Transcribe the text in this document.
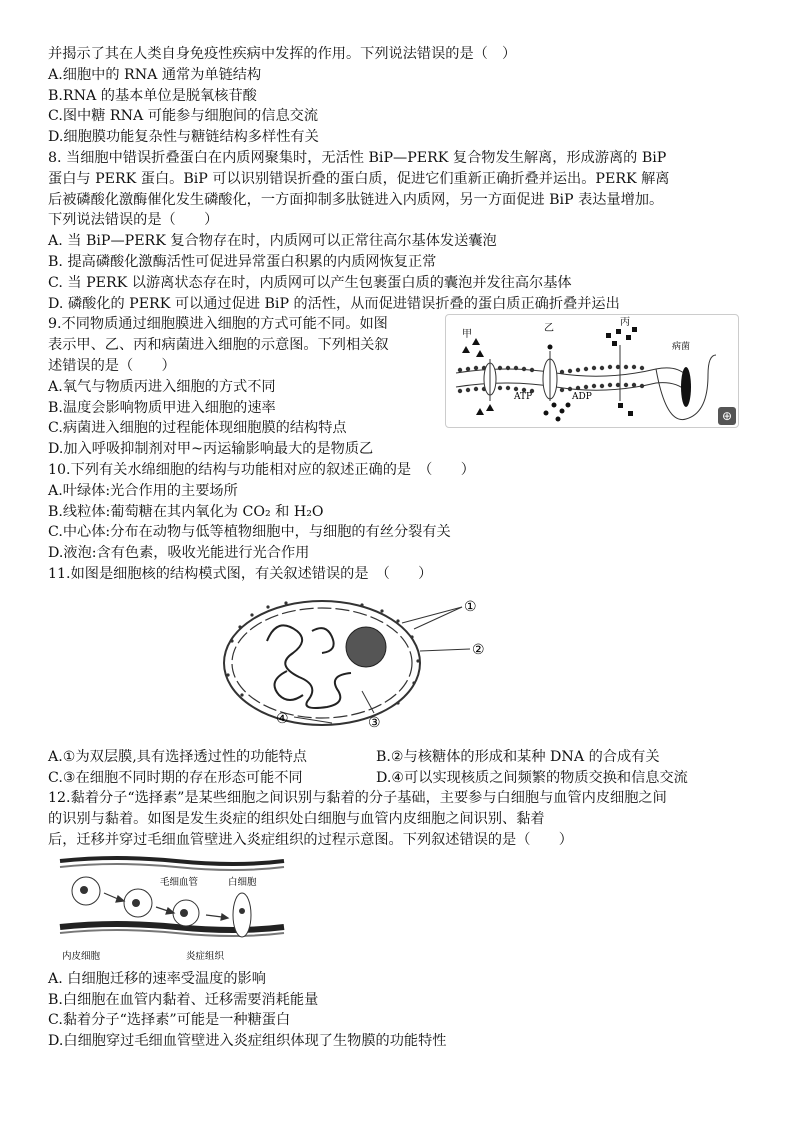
并揭示了其在人类自身免疫性疾病中发挥的作用。下列说法错误的是（　）
A.细胞中的 RNA 通常为单链结构
B.RNA 的基本单位是脱氧核苷酸
C.图中糖 RNA 可能参与细胞间的信息交流
D.细胞膜功能复杂性与糖链结构多样性有关
8. 当细胞中错误折叠蛋白在内质网聚集时，无活性 BiP—PERK 复合物发生解离，形成游离的 BiP
蛋白与 PERK 蛋白。BiP 可以识别错误折叠的蛋白质，促进它们重新正确折叠并运出。PERK 解离
后被磷酸化激酶催化发生磷酸化，一方面抑制多肽链进入内质网，另一方面促进 BiP 表达量增加。
下列说法错误的是（　　）
A. 当 BiP—PERK 复合物存在时，内质网可以正常往高尔基体发送囊泡
B. 提高磷酸化激酶活性可促进异常蛋白积累的内质网恢复正常
C. 当 PERK 以游离状态存在时，内质网可以产生包裹蛋白质的囊泡并发往高尔基体
D. 磷酸化的 PERK 可以通过促进 BiP 的活性，从而促进错误折叠的蛋白质正确折叠并运出
9.不同物质通过细胞膜进入细胞的方式可能不同。如图
表示甲、乙、丙和病菌进入细胞的示意图。下列相关叙
述错误的是（　　）
A.氧气与物质丙进入细胞的方式不同
B.温度会影响物质甲进入细胞的速率
C.病菌进入细胞的过程能体现细胞膜的结构特点
D.加入呼吸抑制剂对甲~丙运输影响最大的是物质乙
甲
乙
丙
病菌
ATP	ADP
⊕
10.下列有关水绵细胞的结构与功能相对应的叙述正确的是　（　　）
A.叶绿体:光合作用的主要场所
B.线粒体:葡萄糖在其内氧化为 CO₂ 和 H₂O
C.中心体:分布在动物与低等植物细胞中，与细胞的有丝分裂有关
D.液泡:含有色素，吸收光能进行光合作用
11.如图是细胞核的结构模式图，有关叙述错误的是　（　　）
①
②
③
④
A.①为双层膜,具有选择透过性的功能特点	B.②与核糖体的形成和某种 DNA 的合成有关
C.③在细胞不同时期的存在形态可能不同	D.④可以实现核质之间频繁的物质交换和信息交流
12.黏着分子“选择素”是某些细胞之间识别与黏着的分子基础，主要参与白细胞与血管内皮细胞之间
的识别与黏着。如图是发生炎症的组织处白细胞与血管内皮细胞之间识别、黏着
后，迁移并穿过毛细血管壁进入炎症组织的过程示意图。下列叙述错误的是（　　）
毛细血管	白细胞
内皮细胞	炎症组织
A. 白细胞迁移的速率受温度的影响
B.白细胞在血管内黏着、迁移需要消耗能量
C.黏着分子“选择素”可能是一种糖蛋白
D.白细胞穿过毛细血管壁进入炎症组织体现了生物膜的功能特性
